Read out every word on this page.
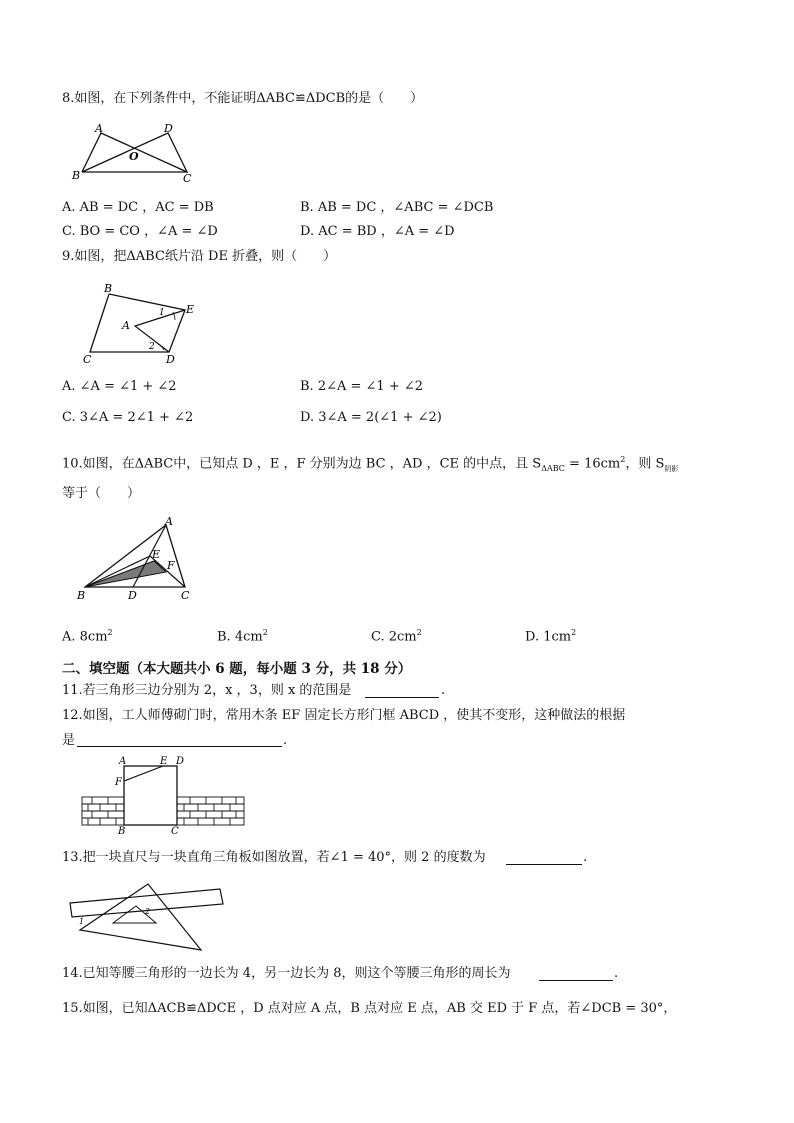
8.如图，在下列条件中，不能证明ΔABC≌ΔDCB的是（　　）
A	D
O
B	C
A. AB = DC ，AC = DB	B. AB = DC ，∠ABC = ∠DCB
C. BO = CO ，∠A = ∠D	D. AC = BD ，∠A = ∠D
9.如图，把ΔABC纸片沿 DE 折叠，则（　　）
B
E
A
1
2
C	D
A. ∠A = ∠1 + ∠2	B. 2∠A = ∠1 + ∠2
C. 3∠A = 2∠1 + ∠2	D. 3∠A = 2(∠1 + ∠2)
10.如图，在ΔABC中，已知点 D ，E ，F 分别为边 BC ，AD ，CE 的中点，且 $S_{\Delta ABC} = 16cm^2$，则 $S_{阴影}$
等于（　　）
A
E
F
B	D	C
A. $8cm^2$	B. $4cm^2$	C. $2cm^2$	D. $1cm^2$
二、填空题（本大题共小 6 题，每小题 3 分，共 18 分）
11.若三角形三边分别为 2，x ，3，则 x 的范围是	.
12.如图，工人师傅砌门时，常用木条 EF 固定长方形门框 ABCD ，使其不变形，这种做法的根据
是	.
A	E D
F
B	C
13.把一块直尺与一块直角三角板如图放置，若∠1 = 40°，则 2 的度数为	.
1
2
14.已知等腰三角形的一边长为 4，另一边长为 8，则这个等腰三角形的周长为	.
15.如图，已知ΔACB≌ΔDCE ，D 点对应 A 点，B 点对应 E 点，AB 交 ED 于 F 点，若∠DCB = 30°，
